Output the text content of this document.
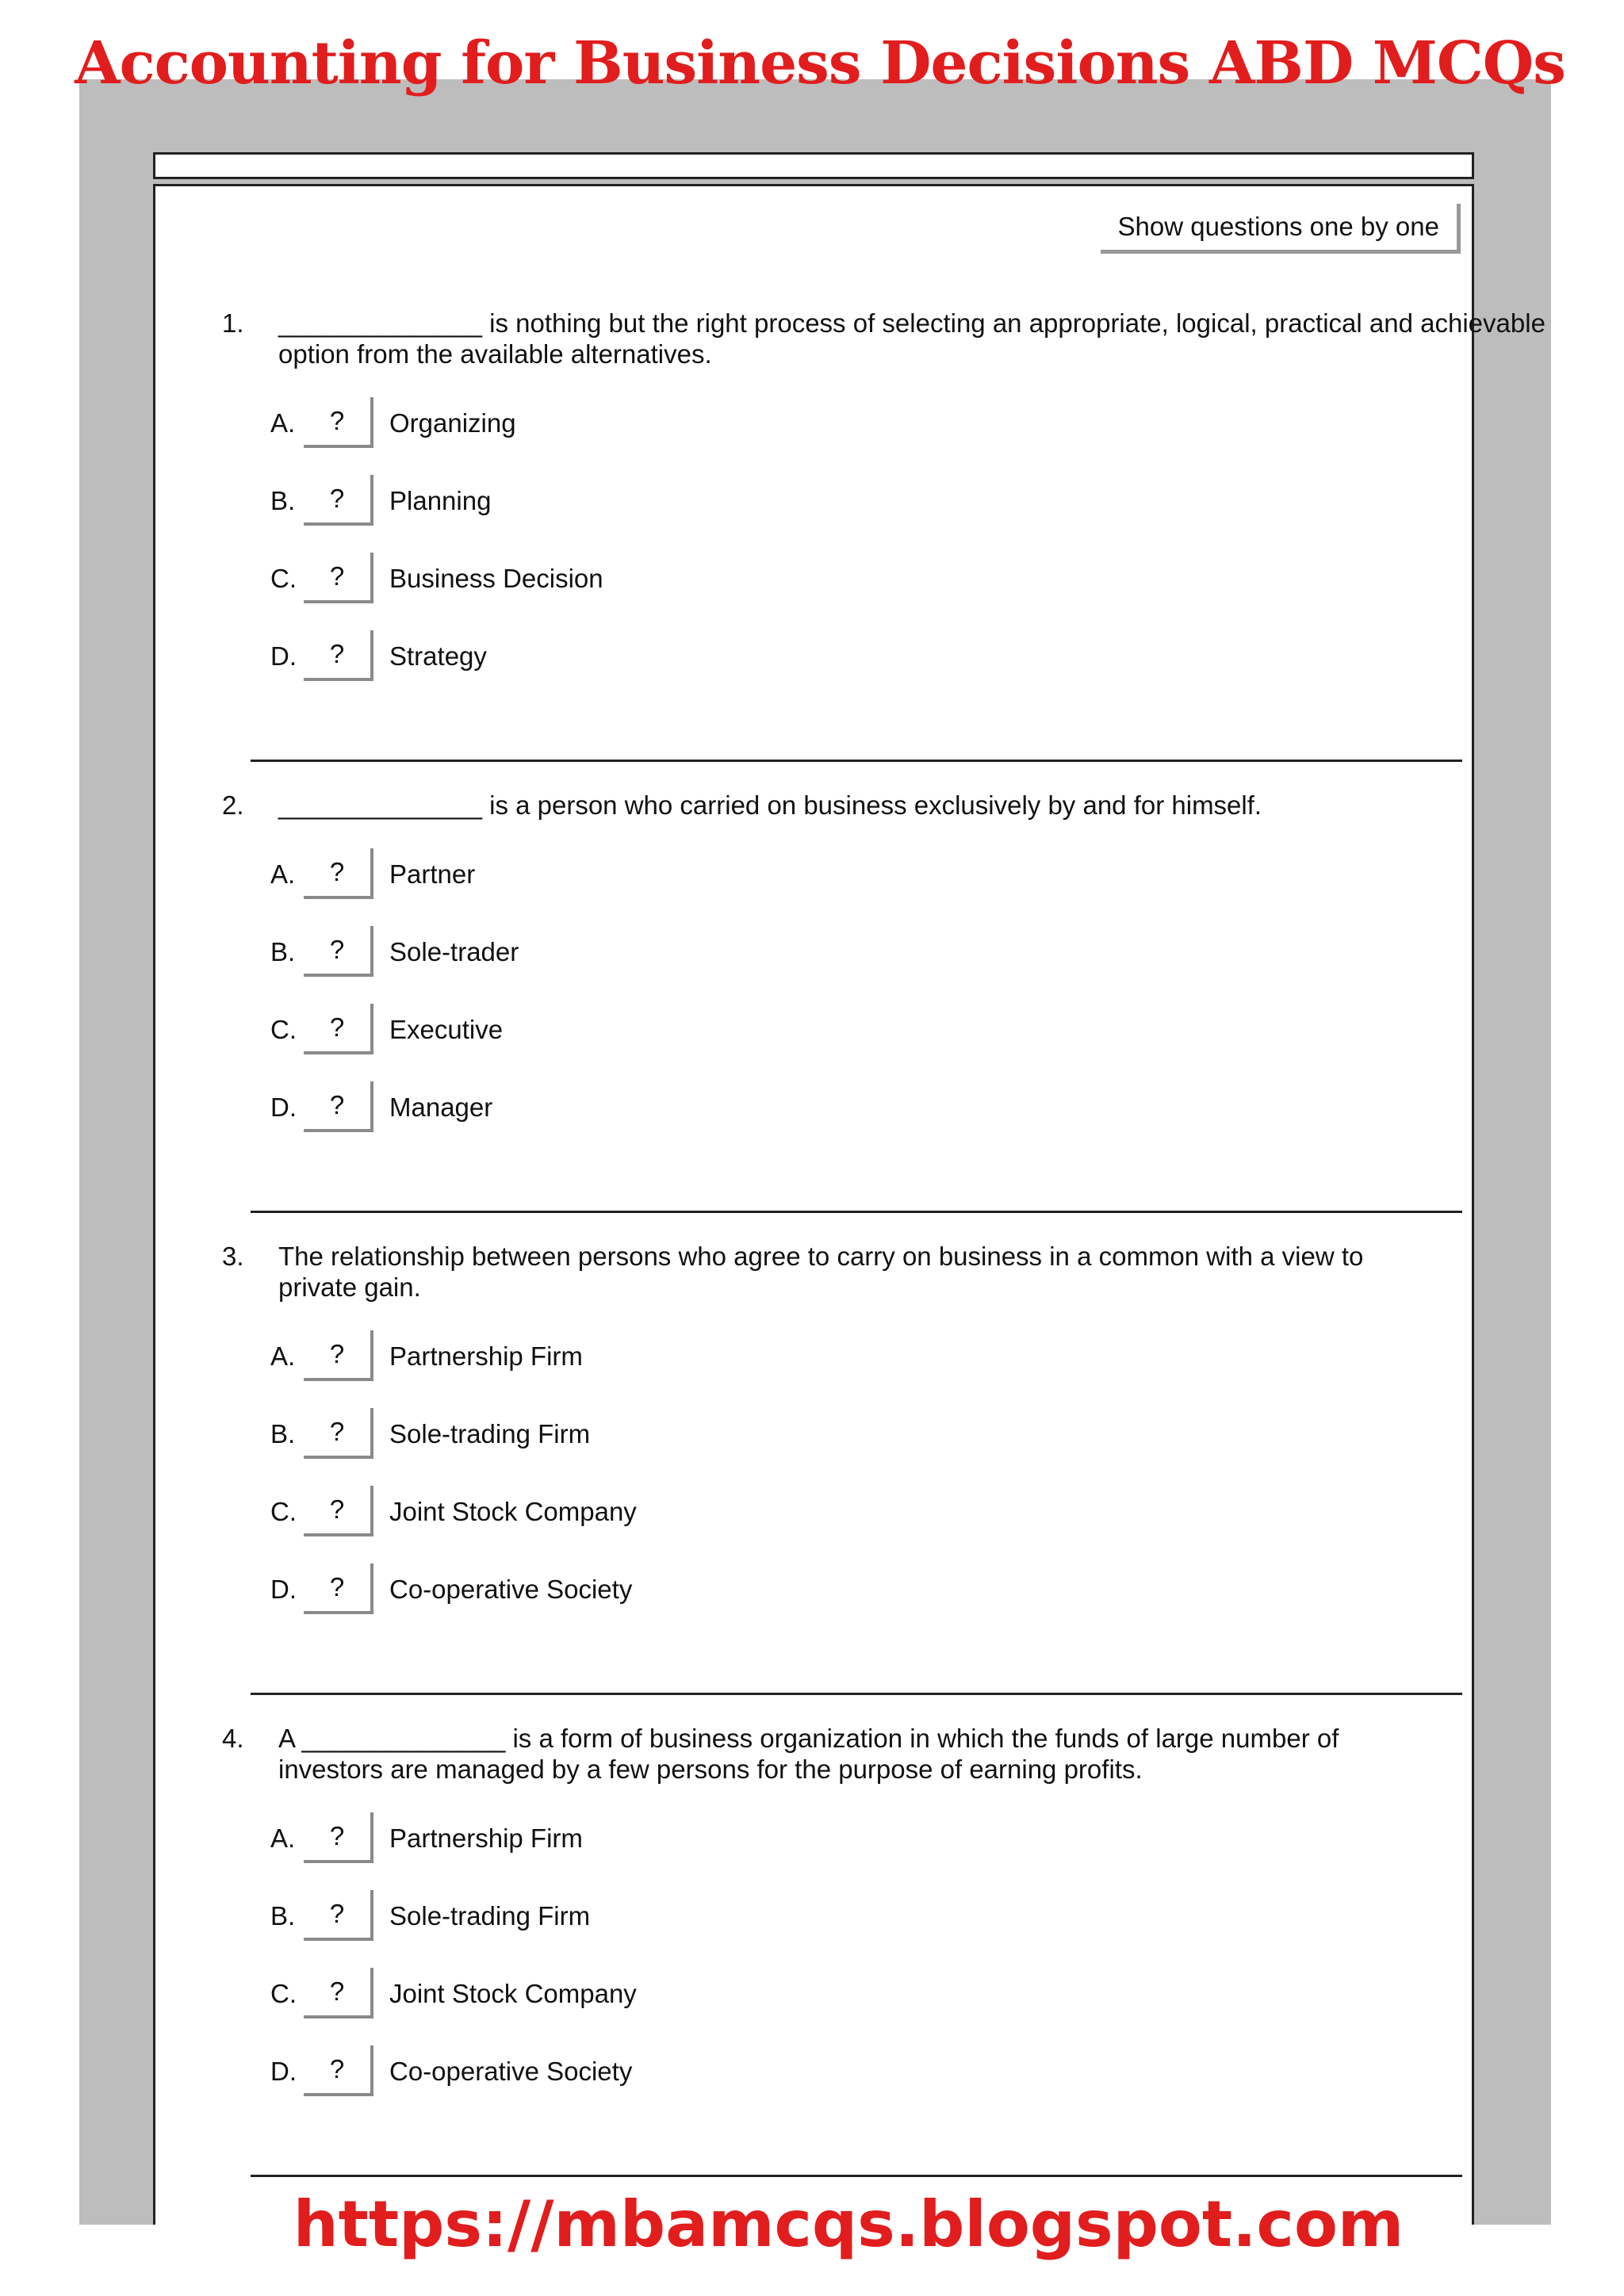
Accounting for Business Decisions ABD MCQs
Show questions one by one
1. ______________ is nothing but the right process of selecting an appropriate, logical, practical and achievable option from the available alternatives.

A.	?	Organizing
B.	?	Planning
C.	?	Business Decision
D.	?	Strategy
2. ______________ is a person who carried on business exclusively by and for himself.

A.	?	Partner
B.	?	Sole-trader
C.	?	Executive
D.	?	Manager
3. The relationship between persons who agree to carry on business in a common with a view to private gain.

A.	?	Partnership Firm
B.	?	Sole-trading Firm
C.	?	Joint Stock Company
D.	?	Co-operative Society
4. A ______________ is a form of business organization in which the funds of large number of investors are managed by a few persons for the purpose of earning profits.

A.	?	Partnership Firm
B.	?	Sole-trading Firm
C.	?	Joint Stock Company
D.	?	Co-operative Society
https://mbamcqs.blogspot.com
